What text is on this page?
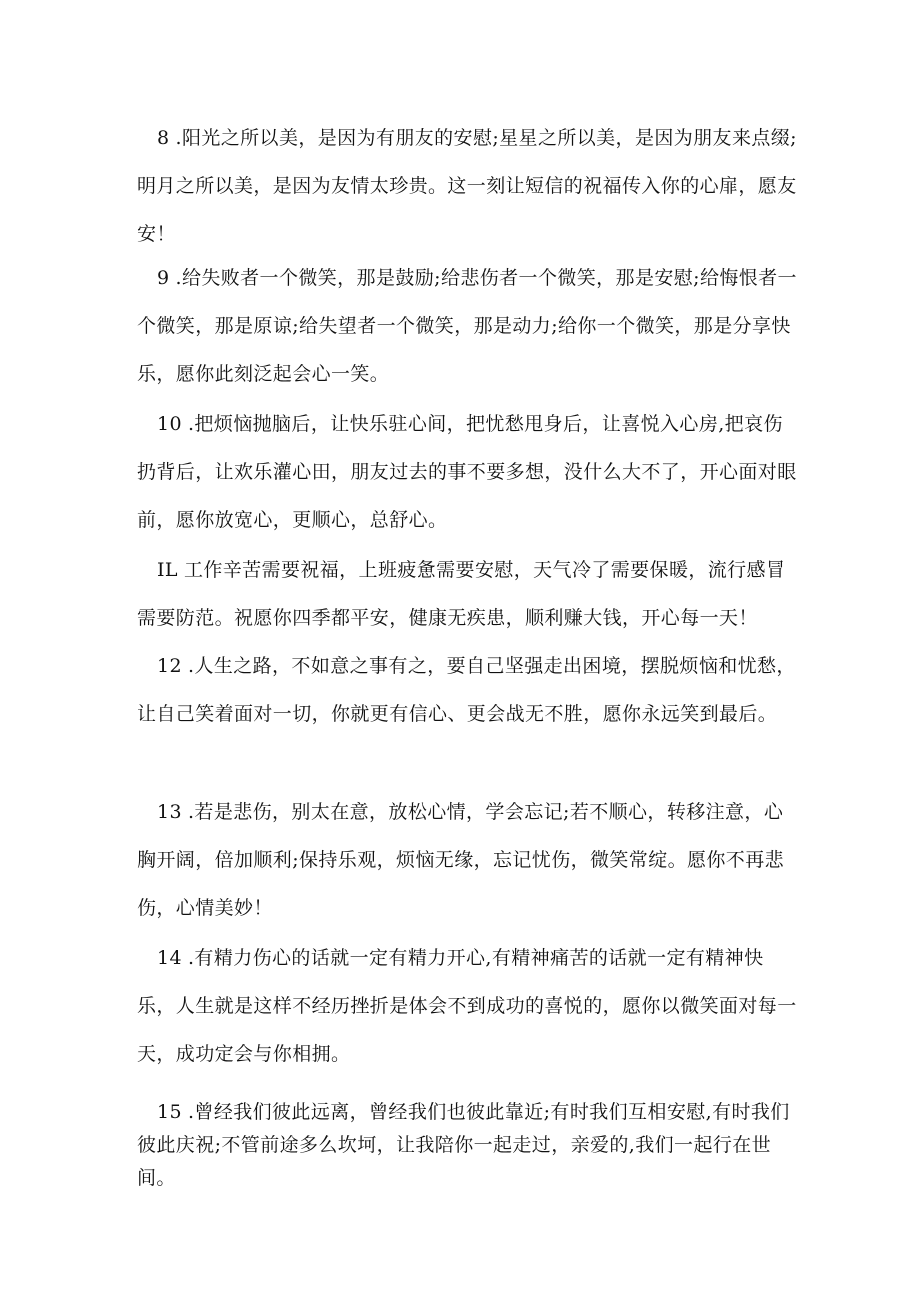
8 .阳光之所以美，是因为有朋友的安慰;星星之所以美，是因为朋友来点缀;明月之所以美，是因为友情太珍贵。这一刻让短信的祝福传入你的心扉，愿友安！

9 .给失败者一个微笑，那是鼓励;给悲伤者一个微笑，那是安慰;给悔恨者一个微笑，那是原谅;给失望者一个微笑，那是动力;给你一个微笑，那是分享快乐，愿你此刻泛起会心一笑。

10 .把烦恼抛脑后，让快乐驻心间，把忧愁甩身后，让喜悦入心房,把哀伤扔背后，让欢乐灌心田，朋友过去的事不要多想，没什么大不了，开心面对眼前，愿你放宽心，更顺心，总舒心。

IL 工作辛苦需要祝福，上班疲惫需要安慰，天气冷了需要保暖，流行感冒需要防范。祝愿你四季都平安，健康无疾患，顺利赚大钱，开心每一天！

12 .人生之路，不如意之事有之，要自己坚强走出困境，摆脱烦恼和忧愁，让自己笑着面对一切，你就更有信心、更会战无不胜，愿你永远笑到最后。

13 .若是悲伤，别太在意，放松心情，学会忘记;若不顺心，转移注意，心胸开阔，倍加顺利;保持乐观，烦恼无缘，忘记忧伤，微笑常绽。愿你不再悲伤，心情美妙！

14 .有精力伤心的话就一定有精力开心,有精神痛苦的话就一定有精神快乐，人生就是这样不经历挫折是体会不到成功的喜悦的，愿你以微笑面对每一天，成功定会与你相拥。

15 .曾经我们彼此远离，曾经我们也彼此靠近;有时我们互相安慰,有时我们彼此庆祝;不管前途多么坎坷，让我陪你一起走过，亲爱的,我们一起行在世间。
